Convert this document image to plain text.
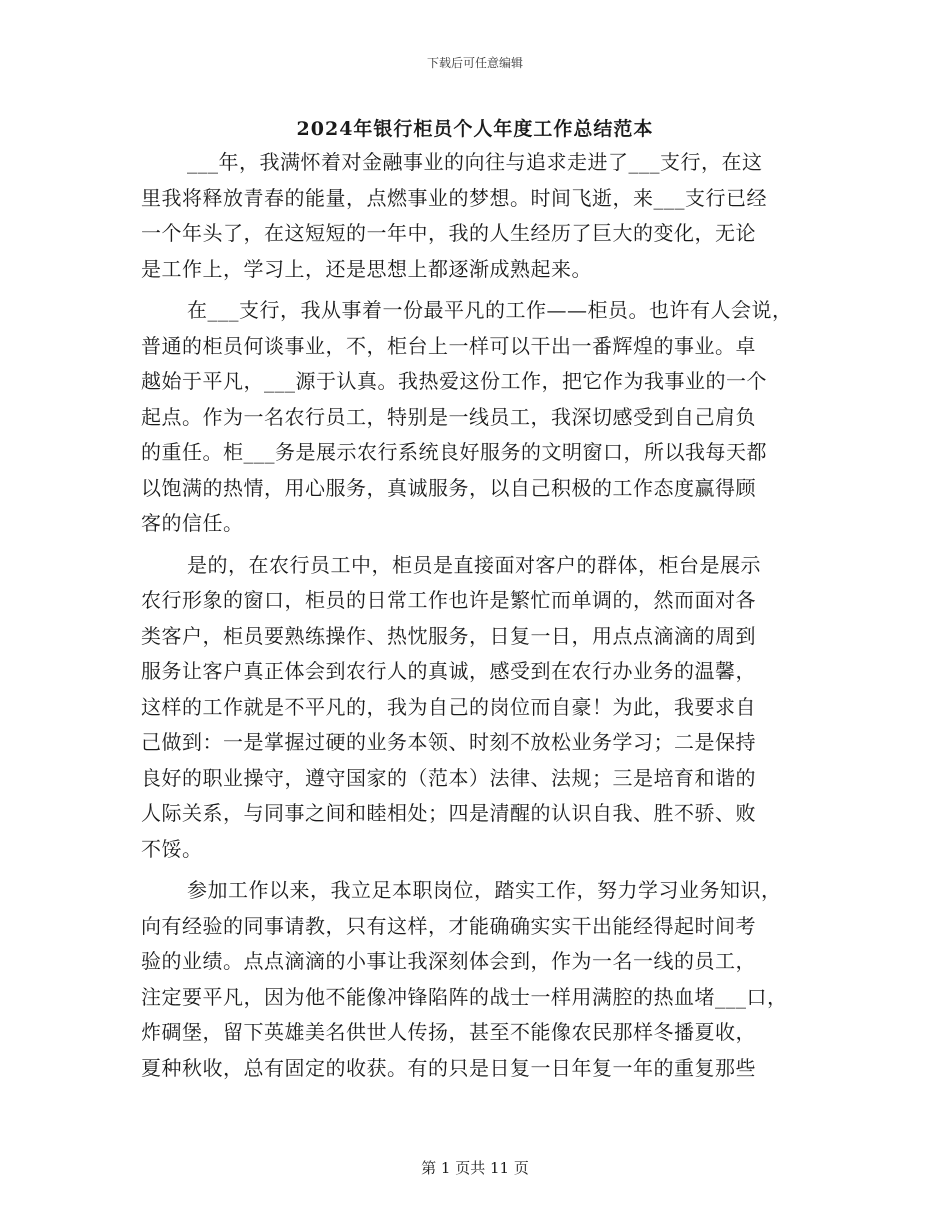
下载后可任意编辑
2024年银行柜员个人年度工作总结范本

___年，我满怀着对金融事业的向往与追求走进了___支行，在这
里我将释放青春的能量，点燃事业的梦想。时间飞逝，来___支行已经
一个年头了，在这短短的一年中，我的人生经历了巨大的变化，无论
是工作上，学习上，还是思想上都逐渐成熟起来。

在___支行，我从事着一份最平凡的工作——柜员。也许有人会说，
普通的柜员何谈事业，不，柜台上一样可以干出一番辉煌的事业。卓
越始于平凡，___源于认真。我热爱这份工作，把它作为我事业的一个
起点。作为一名农行员工，特别是一线员工，我深切感受到自己肩负
的重任。柜___务是展示农行系统良好服务的文明窗口，所以我每天都
以饱满的热情，用心服务，真诚服务，以自己积极的工作态度赢得顾
客的信任。

是的，在农行员工中，柜员是直接面对客户的群体，柜台是展示
农行形象的窗口，柜员的日常工作也许是繁忙而单调的，然而面对各
类客户，柜员要熟练操作、热忱服务，日复一日，用点点滴滴的周到
服务让客户真正体会到农行人的真诚，感受到在农行办业务的温馨，
这样的工作就是不平凡的，我为自己的岗位而自豪！为此，我要求自
己做到：一是掌握过硬的业务本领、时刻不放松业务学习；二是保持
良好的职业操守，遵守国家的（范本）法律、法规；三是培育和谐的
人际关系，与同事之间和睦相处；四是清醒的认识自我、胜不骄、败
不馁。

参加工作以来，我立足本职岗位，踏实工作，努力学习业务知识，
向有经验的同事请教，只有这样，才能确确实实干出能经得起时间考
验的业绩。点点滴滴的小事让我深刻体会到，作为一名一线的员工，
注定要平凡，因为他不能像冲锋陷阵的战士一样用满腔的热血堵___口，
炸碉堡，留下英雄美名供世人传扬，甚至不能像农民那样冬播夏收，
夏种秋收，总有固定的收获。有的只是日复一日年复一年的重复那些

第 1 页共 11 页
